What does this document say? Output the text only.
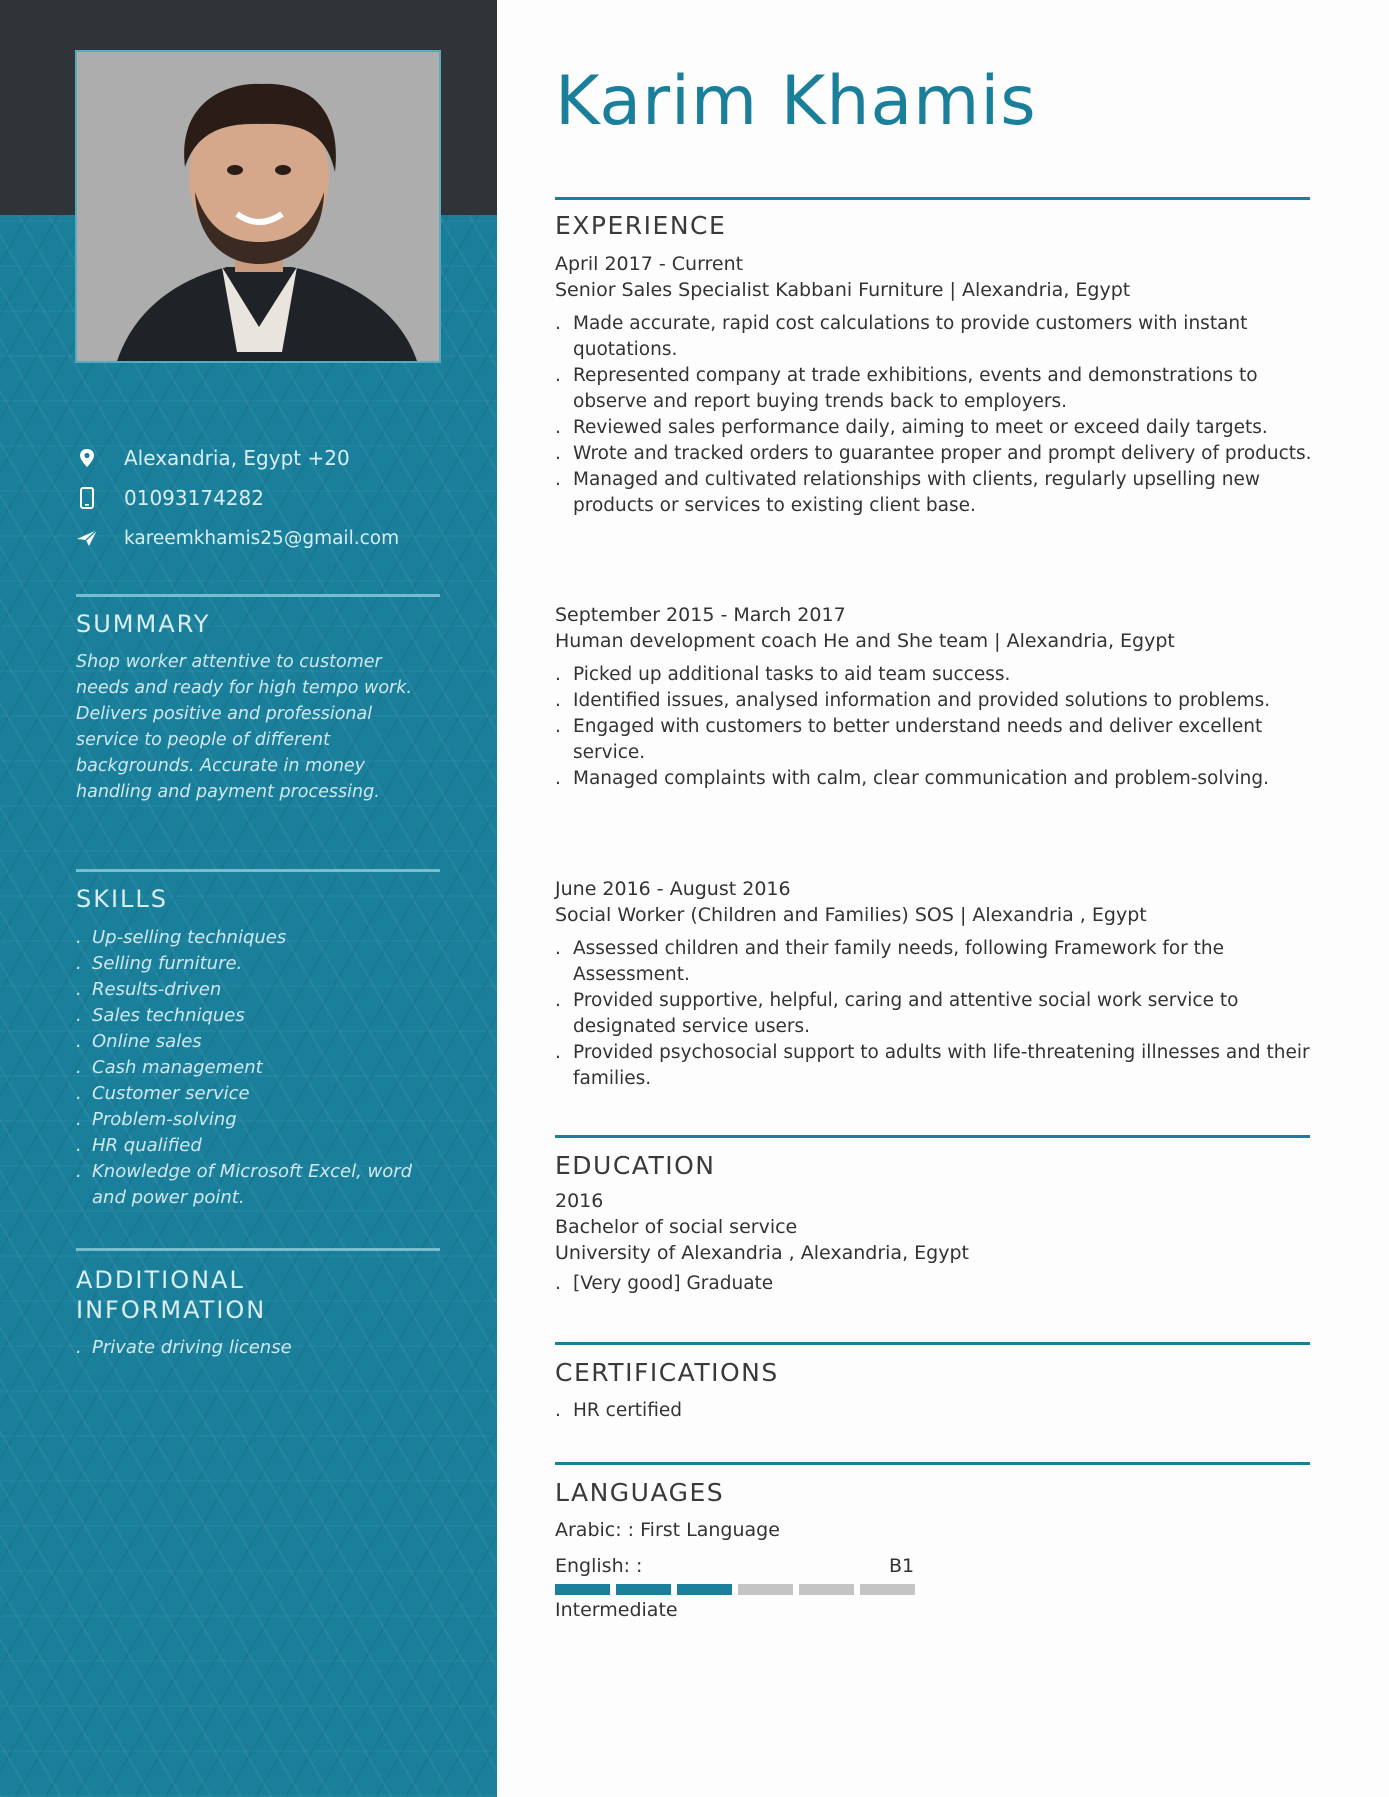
Alexandria, Egypt +20
01093174282
kareemkhamis25@gmail.com
SUMMARY
Shop worker attentive to customer needs and ready for high tempo work. Delivers positive and professional service to people of different backgrounds. Accurate in money handling and payment processing.
SKILLS
. Up-selling techniques
. Selling furniture.
. Results-driven
. Sales techniques
. Online sales
. Cash management
. Customer service
. Problem-solving
. HR qualified
. Knowledge of Microsoft Excel, word and power point.
ADDITIONAL
INFORMATION
. Private driving license
Karim Khamis
EXPERIENCE
April 2017 - Current
Senior Sales Specialist Kabbani Furniture | Alexandria, Egypt
. Made accurate, rapid cost calculations to provide customers with instant quotations.
. Represented company at trade exhibitions, events and demonstrations to observe and report buying trends back to employers.
. Reviewed sales performance daily, aiming to meet or exceed daily targets.
. Wrote and tracked orders to guarantee proper and prompt delivery of products.
. Managed and cultivated relationships with clients, regularly upselling new products or services to existing client base.
September 2015 - March 2017
Human development coach He and She team | Alexandria, Egypt
. Picked up additional tasks to aid team success.
. Identified issues, analysed information and provided solutions to problems.
. Engaged with customers to better understand needs and deliver excellent service.
. Managed complaints with calm, clear communication and problem-solving.
June 2016 - August 2016
Social Worker (Children and Families) SOS | Alexandria , Egypt
. Assessed children and their family needs, following Framework for the Assessment.
. Provided supportive, helpful, caring and attentive social work service to designated service users.
. Provided psychosocial support to adults with life-threatening illnesses and their families.
EDUCATION
2016
Bachelor of social service
University of Alexandria , Alexandria, Egypt
. [Very good] Graduate
CERTIFICATIONS
. HR certified
LANGUAGES
Arabic: : First Language
English: :	B1
Intermediate
